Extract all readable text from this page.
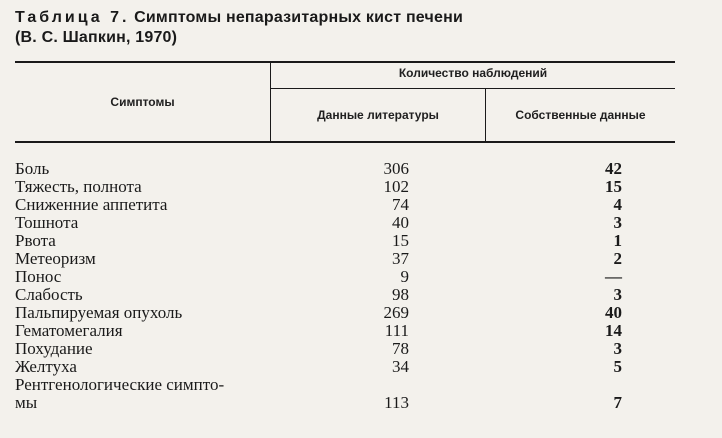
Таблица 7. Симптомы непаразитарных кист печени
(В. С. Шапкин, 1970)
Симптомы
Количество наблюдений
Данные литературы	Собственные данные
Боль	306	42
Тяжесть, полнота	102	15
Сниженние аппетита	74	4
Тошнота	40	3
Рвота	15	1
Метеоризм	37	2
Понос	9	—
Слабость	98	3
Пальпируемая опухоль	269	40
Гематомегалия	111	14
Похудание	78	3
Желтуха	34	5
Рентгенологические симпто-
мы	113	7
